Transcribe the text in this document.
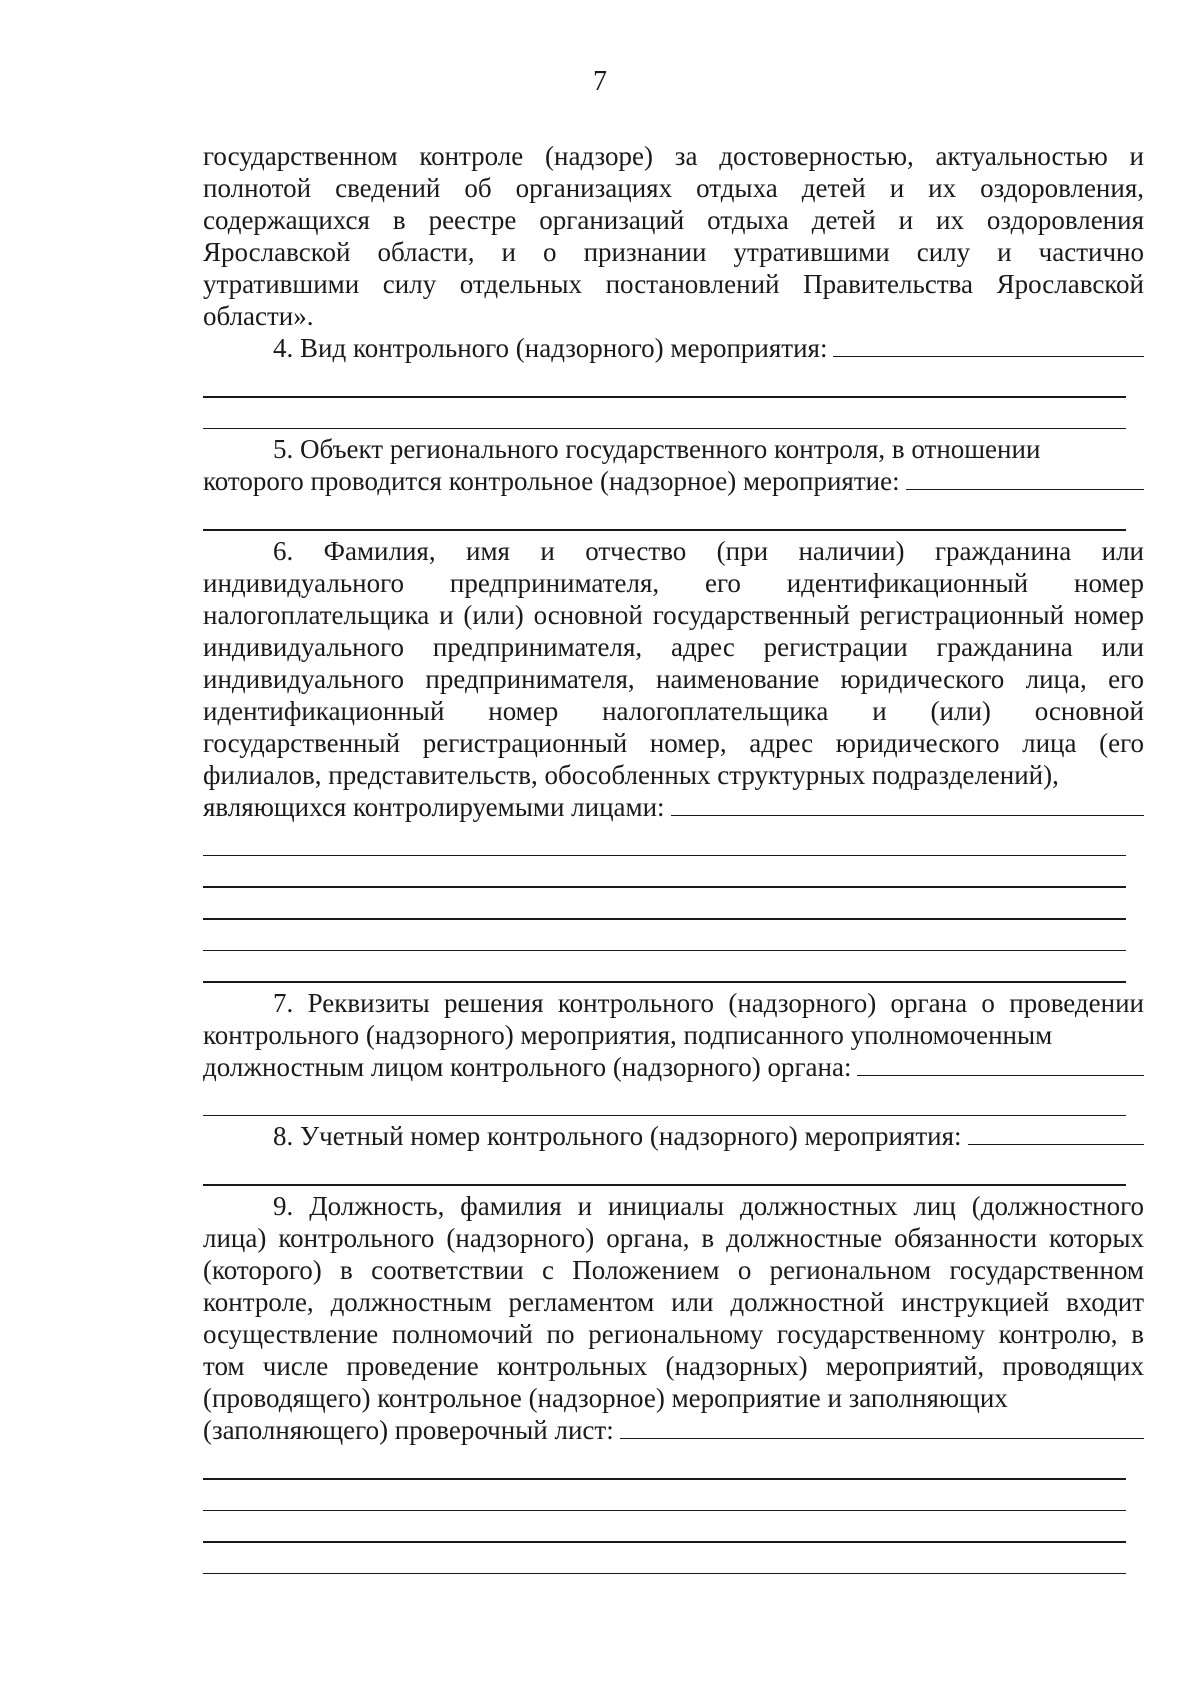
7

государственном контроле (надзоре) за достоверностью, актуальностью и полнотой сведений об организациях отдыха детей и их оздоровления, содержащихся в реестре организаций отдыха детей и их оздоровления Ярославской области, и о признании утратившими силу и частично утратившими силу отдельных постановлений Правительства Ярославской области».

4. Вид контрольного (надзорного) мероприятия:

5. Объект регионального государственного контроля, в отношении

которого проводится контрольное (надзорное) мероприятие:

6. Фамилия, имя и отчество (при наличии) гражданина или индивидуального предпринимателя, его идентификационный номер налогоплательщика и (или) основной государственный регистрационный номер индивидуального предпринимателя, адрес регистрации гражданина или индивидуального предпринимателя, наименование юридического лица, его идентификационный номер налогоплательщика и (или) основной государственный регистрационный номер, адрес юридического лица (его филиалов, представительств, обособленных структурных подразделений),

являющихся контролируемыми лицами:

7. Реквизиты решения контрольного (надзорного) органа о проведении контрольного (надзорного) мероприятия, подписанного уполномоченным

должностным лицом контрольного (надзорного) органа:
8. Учетный номер контрольного (надзорного) мероприятия:

9. Должность, фамилия и инициалы должностных лиц (должностного лица) контрольного (надзорного) органа, в должностные обязанности которых (которого) в соответствии с Положением о региональном государственном контроле, должностным регламентом или должностной инструкцией входит осуществление полномочий по региональному государственному контролю, в том числе проведение контрольных (надзорных) мероприятий, проводящих (проводящего) контрольное (надзорное) мероприятие и заполняющих

(заполняющего) проверочный лист:
